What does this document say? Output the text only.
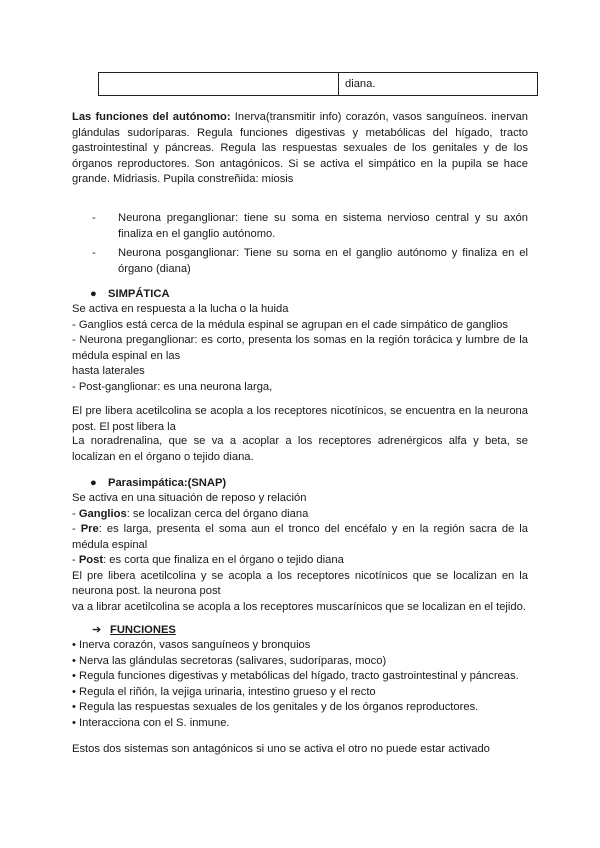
diana.
Las funciones del autónomo: Inerva(transmitir info) corazón, vasos sanguíneos. inervan glándulas sudoríparas. Regula funciones digestivas y metabólicas del hígado, tracto gastrointestinal y páncreas. Regula las respuestas sexuales de los genitales y de los órganos reproductores. Son antagónicos. Si se activa el simpático en la pupila se hace grande. Midriasis. Pupila constreñida: miosis
-	Neurona preganglionar: tiene su soma en sistema nervioso central y su axón finaliza en el ganglio autónomo.
-	Neurona posganglionar: Tiene su soma en el ganglio autónomo y finaliza en el órgano (diana)
● SIMPÁTICA
Se activa en respuesta a la lucha o la huida
- Ganglios está cerca de la médula espinal se agrupan en el cade simpático de ganglios
- Neurona preganglionar: es corto, presenta los somas en la región torácica y lumbre de la médula espinal en las
hasta laterales
- Post-ganglionar: es una neurona larga,
El pre libera acetilcolina se acopla a los receptores nicotínicos, se encuentra en la neurona post. El post libera la
La noradrenalina, que se va a acoplar a los receptores adrenérgicos alfa y beta, se localizan en el órgano o tejido diana.
● Parasimpática:(SNAP)
Se activa en una situación de reposo y relación
- Ganglios: se localizan cerca del órgano diana
- Pre: es larga, presenta el soma aun el tronco del encéfalo y en la región sacra de la médula espinal
- Post: es corta que finaliza en el órgano o tejido diana
El pre libera acetilcolina y se acopla a los receptores nicotínicos que se localizan en la neurona post. la neurona post
va a librar acetilcolina se acopla a los receptores muscarínicos que se localizan en el tejido.
➔ FUNCIONES
• Inerva corazón, vasos sanguíneos y bronquios
• Nerva las glándulas secretoras (salivares, sudoríparas, moco)
• Regula funciones digestivas y metabólicas del hígado, tracto gastrointestinal y páncreas.
• Regula el riñón, la vejiga urinaria, intestino grueso y el recto
• Regula las respuestas sexuales de los genitales y de los órganos reproductores.
• Interacciona con el S. inmune.
Estos dos sistemas son antagónicos si uno se activa el otro no puede estar activado
